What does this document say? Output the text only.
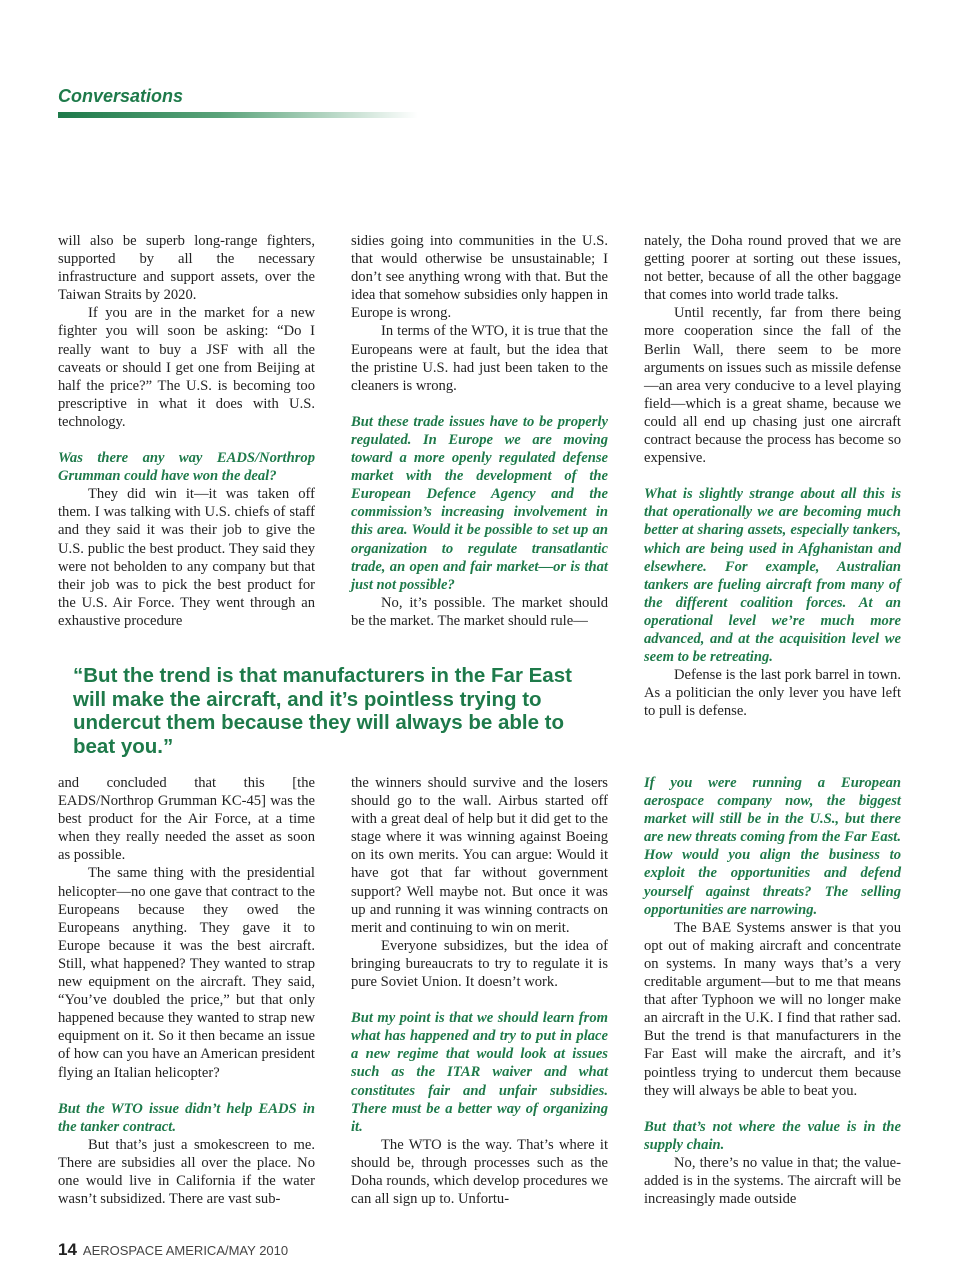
Conversations

will also be superb long-range fighters, supported by all the necessary infrastructure and support assets, over the Taiwan Straits by 2020.

If you are in the market for a new fighter you will soon be asking: “Do I really want to buy a JSF with all the caveats or should I get one from Beijing at half the price?” The U.S. is becoming too prescriptive in what it does with U.S. technology.

Was there any way EADS/Northrop Grumman could have won the deal?

They did win it—it was taken off them. I was talking with U.S. chiefs of staff and they said it was their job to give the U.S. public the best product. They said they were not beholden to any company but that their job was to pick the best product for the U.S. Air Force. They went through an exhaustive procedure

sidies going into communities in the U.S. that would otherwise be unsustainable; I don’t see anything wrong with that. But the idea that somehow subsidies only happen in Europe is wrong.

In terms of the WTO, it is true that the Europeans were at fault, but the idea that the pristine U.S. had just been taken to the cleaners is wrong.

But these trade issues have to be properly regulated. In Europe we are moving toward a more openly regulated defense market with the development of the European Defence Agency and the commission’s increasing involvement in this area. Would it be possible to set up an organization to regulate transatlantic trade, an open and fair market—or is that just not possible?

No, it’s possible. The market should be the market. The market should rule—

nately, the Doha round proved that we are getting poorer at sorting out these issues, not better, because of all the other baggage that comes into world trade talks.

Until recently, far from there being more cooperation since the fall of the Berlin Wall, there seem to be more arguments on issues such as missile defense—an area very conducive to a level playing field—which is a great shame, because we could all end up chasing just one aircraft contract because the process has become so expensive.

What is slightly strange about all this is that operationally we are becoming much better at sharing assets, especially tankers, which are being used in Afghanistan and elsewhere. For example, Australian tankers are fueling aircraft from many of the different coalition forces. At an operational level we’re much more advanced, and at the acquisition level we seem to be retreating.

Defense is the last pork barrel in town. As a politician the only lever you have left to pull is defense.

“But the trend is that manufacturers in the Far East will make the aircraft, and it’s pointless trying to undercut them because they will always be able to beat you.”

and concluded that this [the EADS/Northrop Grumman KC-45] was the best product for the Air Force, at a time when they really needed the asset as soon as possible.

The same thing with the presidential helicopter—no one gave that contract to the Europeans because they owed the Europeans anything. They gave it to Europe because it was the best aircraft. Still, what happened? They wanted to strap new equipment on the aircraft. They said, “You’ve doubled the price,” but that only happened because they wanted to strap new equipment on it. So it then became an issue of how can you have an American president flying an Italian helicopter?

But the WTO issue didn’t help EADS in the tanker contract.

But that’s just a smokescreen to me. There are subsidies all over the place. No one would live in California if the water wasn’t subsidized. There are vast sub-

the winners should survive and the losers should go to the wall. Airbus started off with a great deal of help but it did get to the stage where it was winning against Boeing on its own merits. You can argue: Would it have got that far without government support? Well maybe not. But once it was up and running it was winning contracts on merit and continuing to win on merit.

Everyone subsidizes, but the idea of bringing bureaucrats to try to regulate it is pure Soviet Union. It doesn’t work.

But my point is that we should learn from what has happened and try to put in place a new regime that would look at issues such as the ITAR waiver and what constitutes fair and unfair subsidies. There must be a better way of organizing it.

The WTO is the way. That’s where it should be, through processes such as the Doha rounds, which develop procedures we can all sign up to. Unfortu-

If you were running a European aerospace company now, the biggest market will still be in the U.S., but there are new threats coming from the Far East. How would you align the business to exploit the opportunities and defend yourself against threats? The selling opportunities are narrowing.

The BAE Systems answer is that you opt out of making aircraft and concentrate on systems. In many ways that’s a very creditable argument—but to me that means that after Typhoon we will no longer make an aircraft in the U.K. I find that rather sad. But the trend is that manufacturers in the Far East will make the aircraft, and it’s pointless trying to undercut them because they will always be able to beat you.

But that’s not where the value is in the supply chain.

No, there’s no value in that; the value-added is in the systems. The aircraft will be increasingly made outside

14 AEROSPACE AMERICA/MAY 2010
